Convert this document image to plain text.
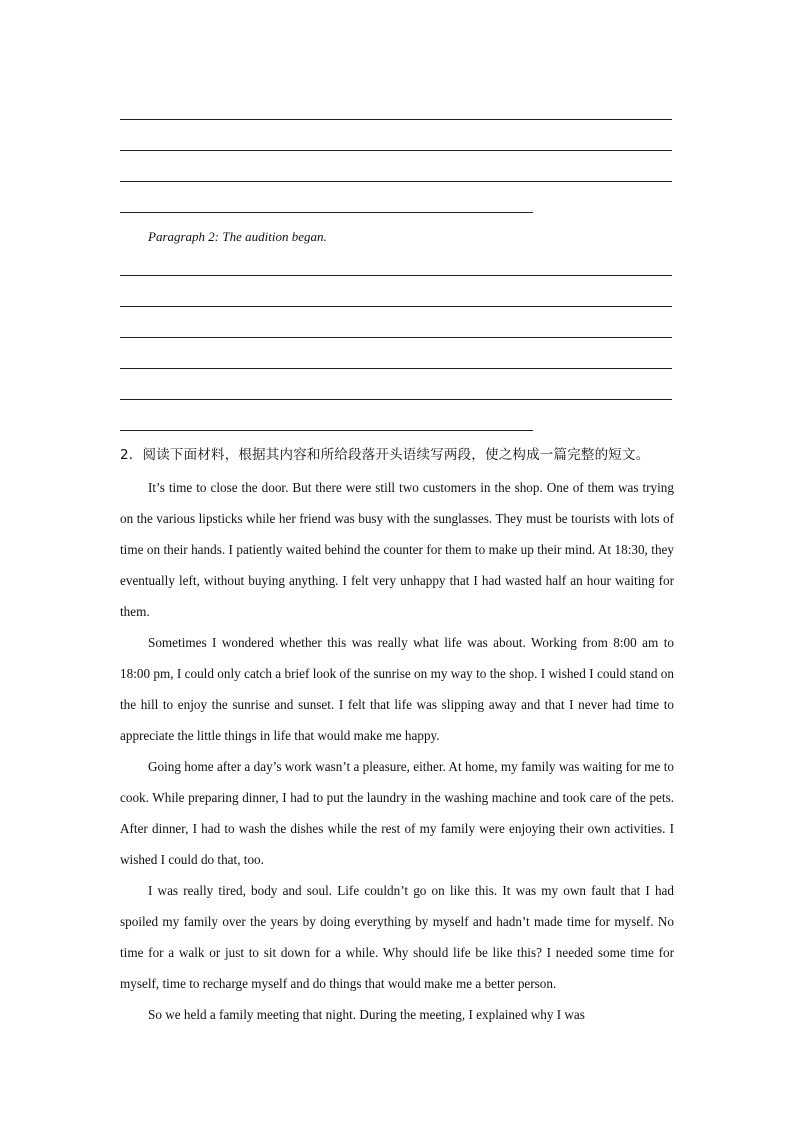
Paragraph 2: The audition began.
2．阅读下面材料，根据其内容和所给段落开头语续写两段，使之构成一篇完整的短文。

It’s time to close the door. But there were still two customers in the shop. One of them was trying on the various lipsticks while her friend was busy with the sunglasses. They must be tourists with lots of time on their hands. I patiently waited behind the counter for them to make up their mind. At 18:30, they eventually left, without buying anything. I felt very unhappy that I had wasted half an hour waiting for them.

Sometimes I wondered whether this was really what life was about. Working from 8:00 am to 18:00 pm, I could only catch a brief look of the sunrise on my way to the shop. I wished I could stand on the hill to enjoy the sunrise and sunset. I felt that life was slipping away and that I never had time to appreciate the little things in life that would make me happy.

Going home after a day’s work wasn’t a pleasure, either. At home, my family was waiting for me to cook. While preparing dinner, I had to put the laundry in the washing machine and took care of the pets. After dinner, I had to wash the dishes while the rest of my family were enjoying their own activities. I wished I could do that, too.

I was really tired, body and soul. Life couldn’t go on like this. It was my own fault that I had spoiled my family over the years by doing everything by myself and hadn’t made time for myself. No time for a walk or just to sit down for a while. Why should life be like this? I needed some time for myself, time to recharge myself and do things that would make me a better person.

So we held a family meeting that night. During the meeting, I explained why I was
